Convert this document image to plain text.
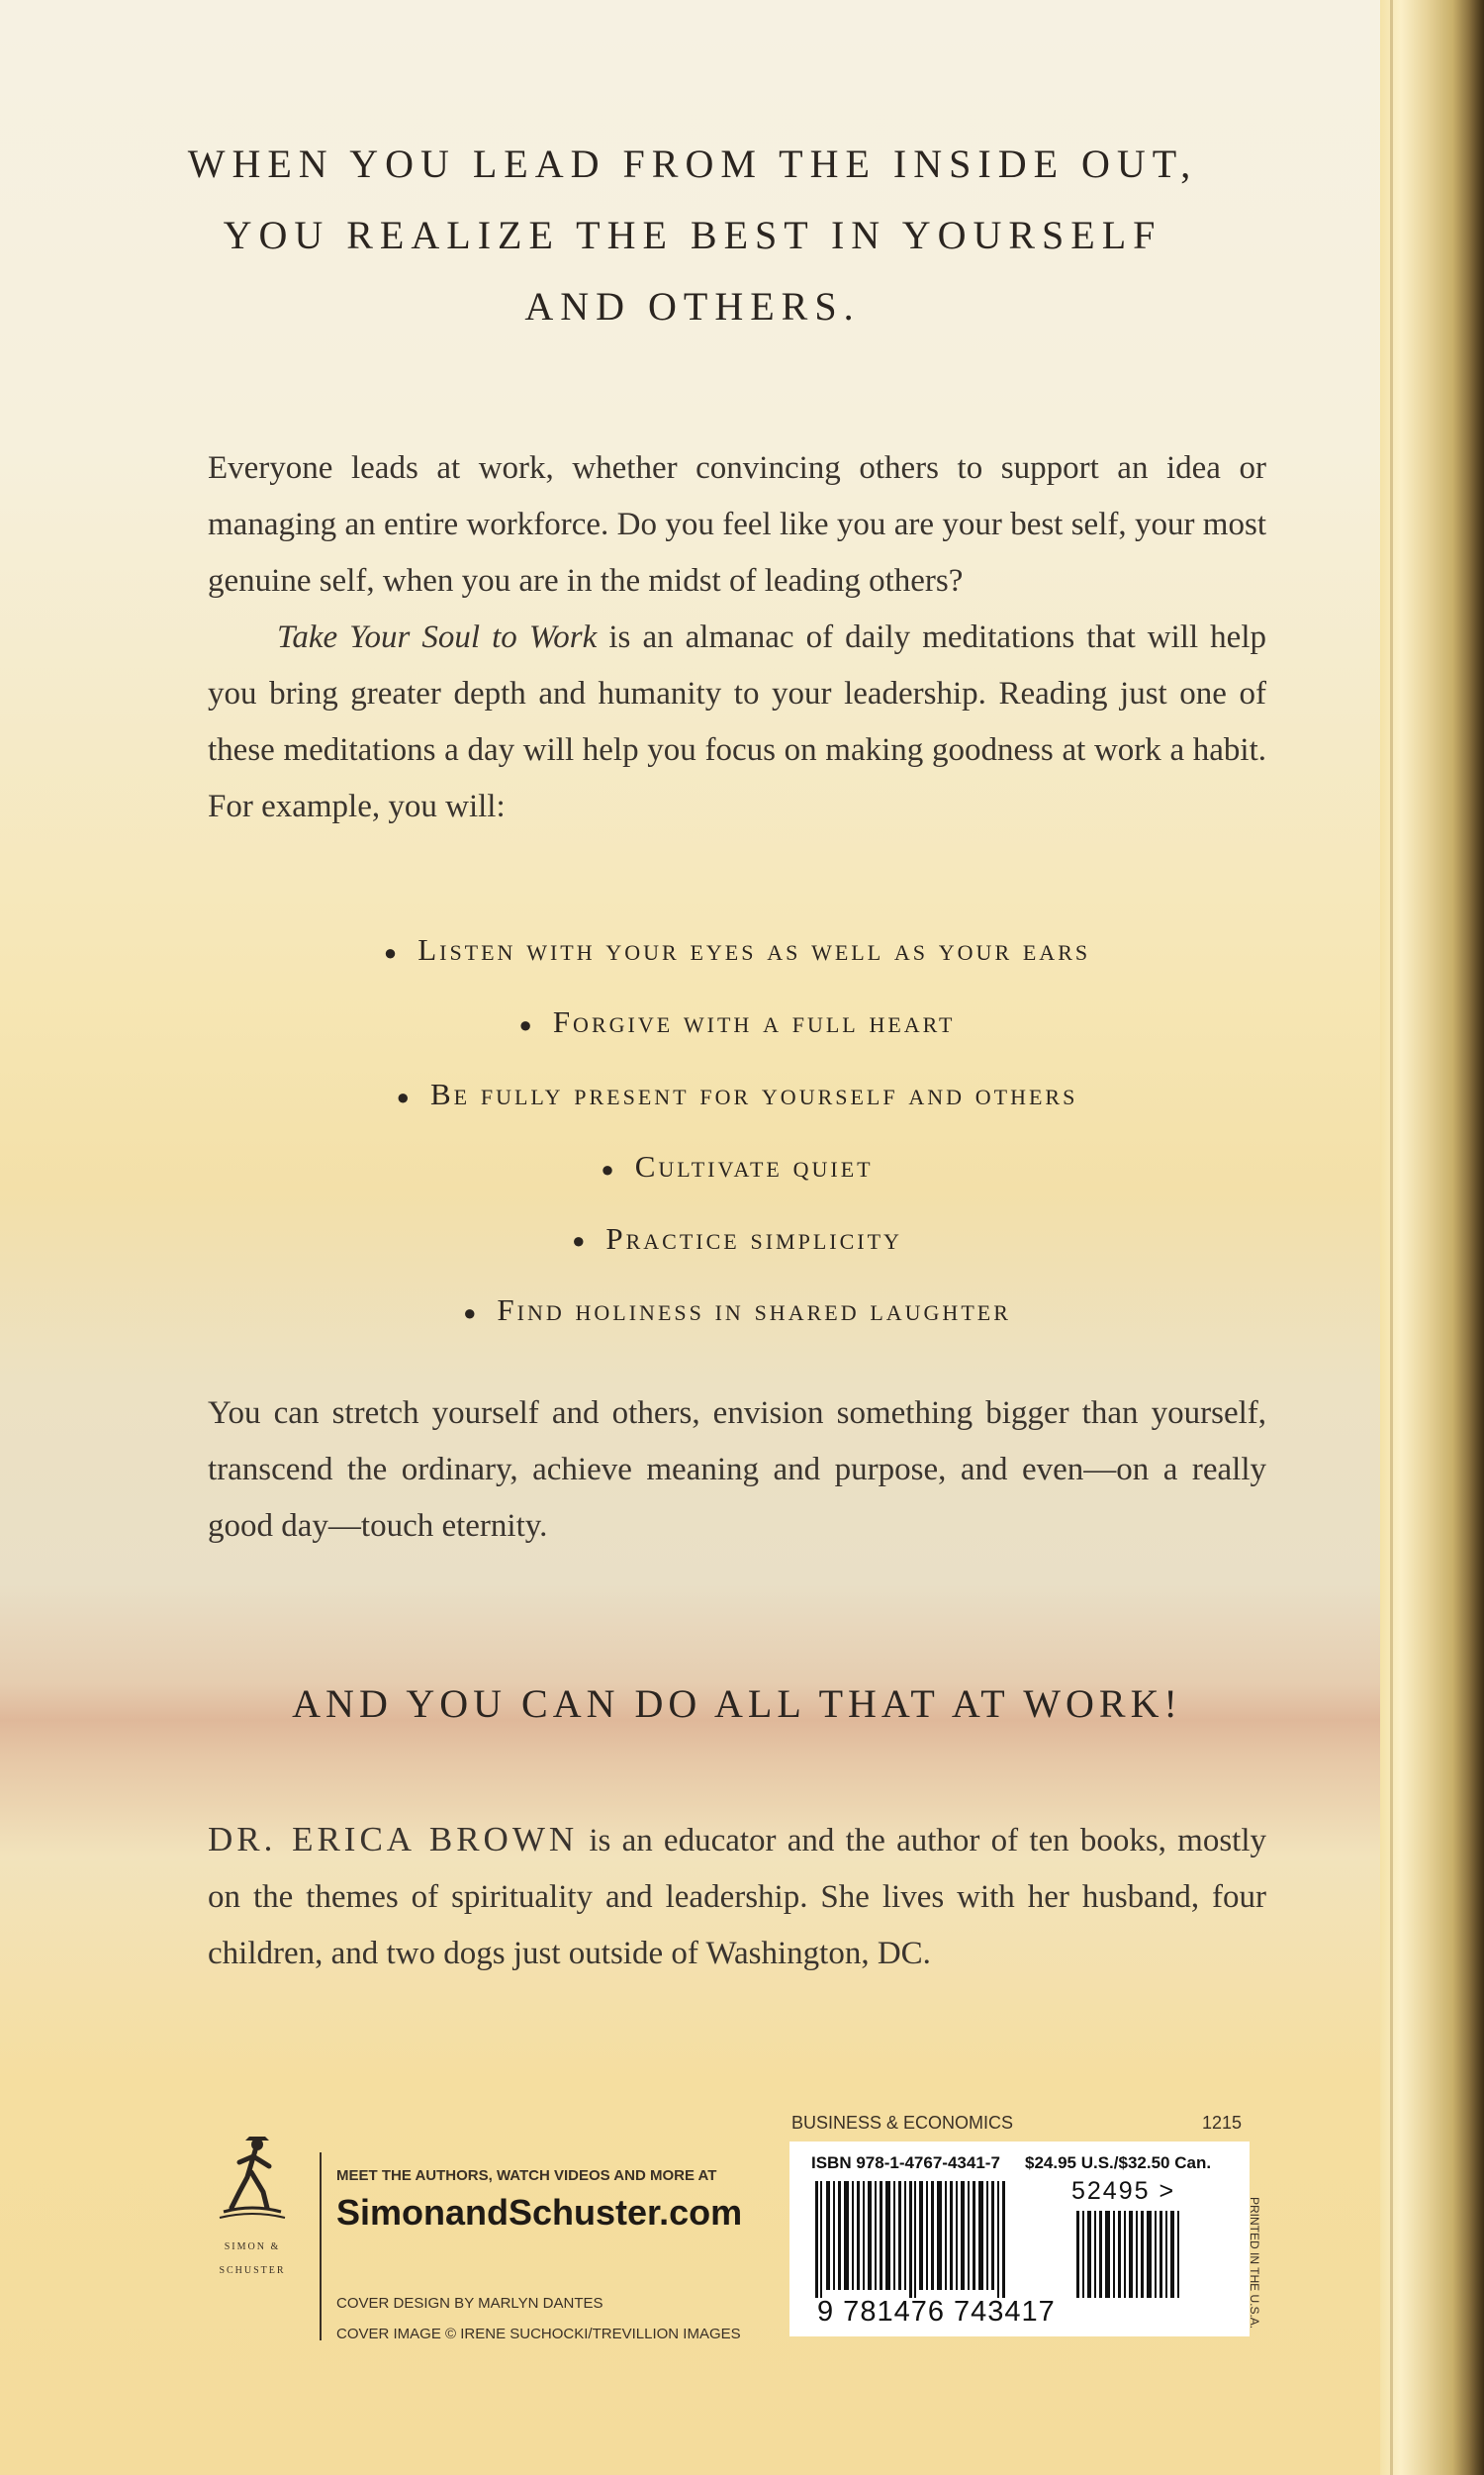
WHEN YOU LEAD FROM THE INSIDE OUT,
YOU REALIZE THE BEST IN YOURSELF
AND OTHERS.

Everyone leads at work, whether convincing others to support an idea or managing an entire workforce. Do you feel like you are your best self, your most genuine self, when you are in the midst of leading others?

Take Your Soul to Work is an almanac of daily meditations that will help you bring greater depth and humanity to your leadership. Reading just one of these meditations a day will help you focus on making goodness at work a habit. For example, you will:

● Listen with your eyes as well as your ears
● Forgive with a full heart
● Be fully present for yourself and others
● Cultivate quiet
● Practice simplicity
● Find holiness in shared laughter

You can stretch yourself and others, envision something bigger than yourself, transcend the ordinary, achieve meaning and purpose, and even—on a really good day—touch eternity.

AND YOU CAN DO ALL THAT AT WORK!
DR. ERICA BROWN is an educator and the author of ten books, mostly on the themes of spirituality and leadership. She lives with her husband, four children, and two dogs just outside of Washington, DC.
SIMON &
SCHUSTER
MEET THE AUTHORS, WATCH VIDEOS AND MORE AT
SimonandSchuster.com
COVER DESIGN BY MARLYN DANTES
COVER IMAGE © IRENE SUCHOCKI/TREVILLION IMAGES
BUSINESS & ECONOMICS	1215
ISBN 978-1-4767-4341-7 $24.95 U.S./$32.50 Can.
52495 >
9 781476 743417	PRINTED IN THE U.S.A.
